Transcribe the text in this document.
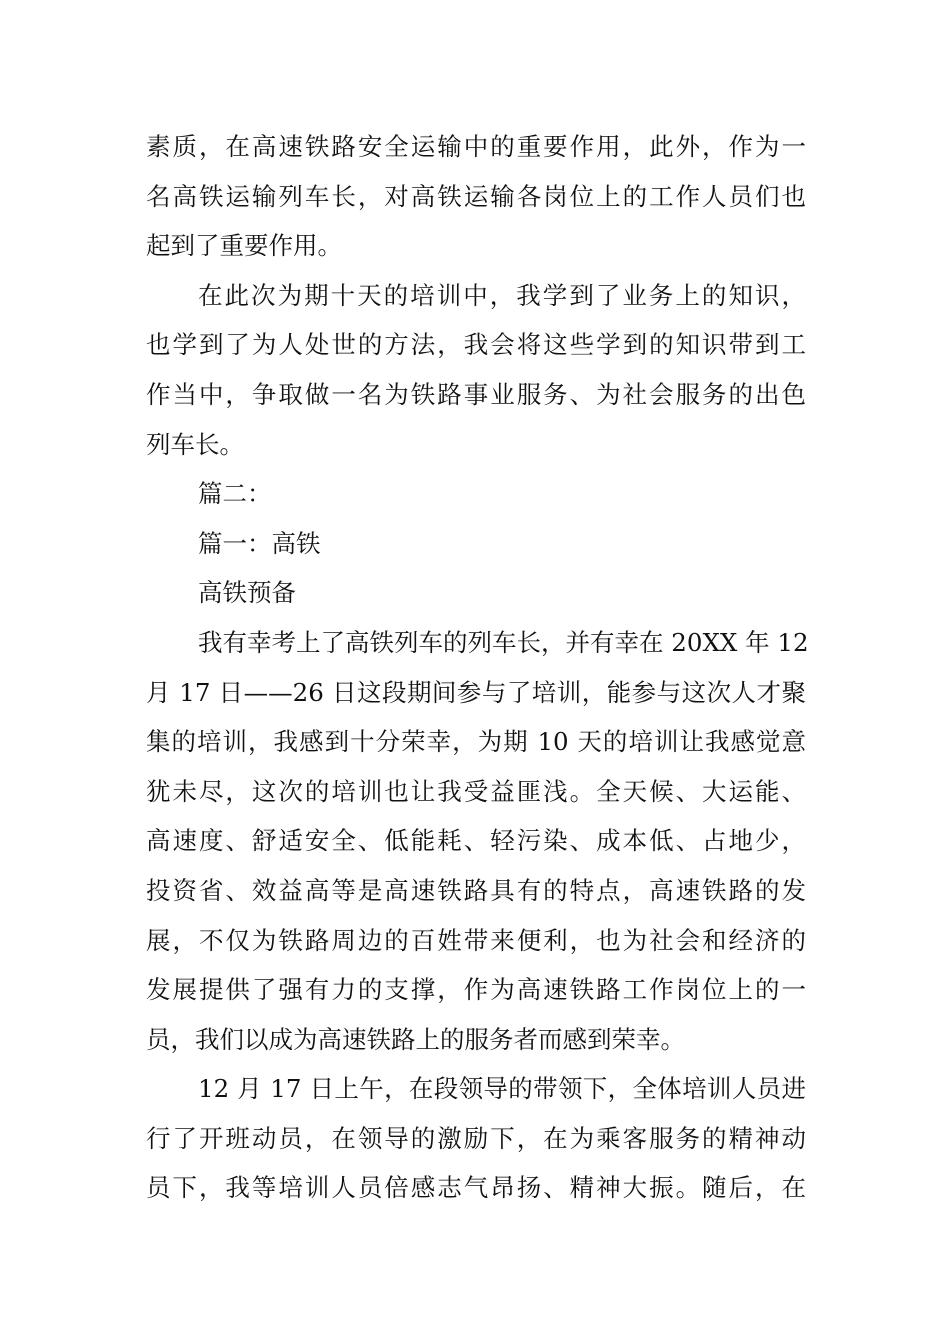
素质，在高速铁路安全运输中的重要作用，此外，作为一
名高铁运输列车长，对高铁运输各岗位上的工作人员们也
起到了重要作用。
在此次为期十天的培训中，我学到了业务上的知识，
也学到了为人处世的方法，我会将这些学到的知识带到工
作当中，争取做一名为铁路事业服务、为社会服务的出色
列车长。
篇二：
篇一：高铁
高铁预备
我有幸考上了高铁列车的列车长，并有幸在 20XX 年 12
月 17 日——26 日这段期间参与了培训，能参与这次人才聚
集的培训，我感到十分荣幸，为期 10 天的培训让我感觉意
犹未尽，这次的培训也让我受益匪浅。全天候、大运能、
高速度、舒适安全、低能耗、轻污染、成本低、占地少，
投资省、效益高等是高速铁路具有的特点，高速铁路的发
展，不仅为铁路周边的百姓带来便利，也为社会和经济的
发展提供了强有力的支撑，作为高速铁路工作岗位上的一
员，我们以成为高速铁路上的服务者而感到荣幸。
12 月 17 日上午，在段领导的带领下，全体培训人员进
行了开班动员，在领导的激励下，在为乘客服务的精神动
员下，我等培训人员倍感志气昂扬、精神大振。随后，在
